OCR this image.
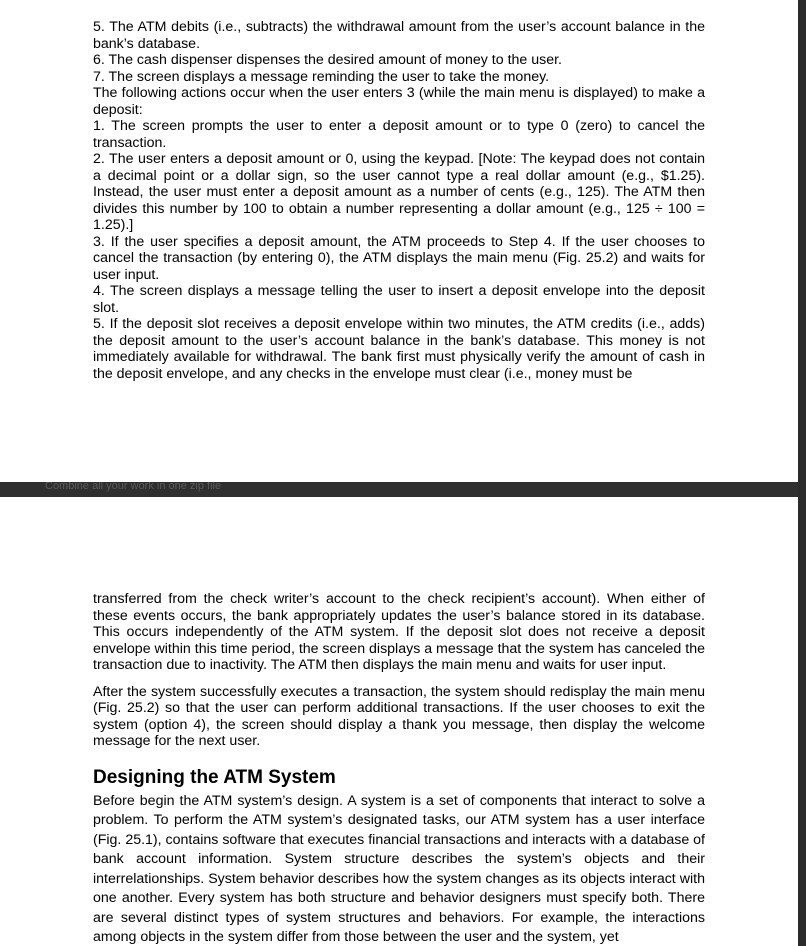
5. The ATM debits (i.e., subtracts) the withdrawal amount from the user’s account balance in the bank’s database.

6. The cash dispenser dispenses the desired amount of money to the user.

7. The screen displays a message reminding the user to take the money.

The following actions occur when the user enters 3 (while the main menu is displayed) to make a deposit:

1. The screen prompts the user to enter a deposit amount or to type 0 (zero) to cancel the transaction.

2. The user enters a deposit amount or 0, using the keypad. [Note: The keypad does not contain a decimal point or a dollar sign, so the user cannot type a real dollar amount (e.g., $1.25). Instead, the user must enter a deposit amount as a number of cents (e.g., 125). The ATM then divides this number by 100 to obtain a number representing a dollar amount (e.g., 125 ÷ 100 = 1.25).]

3. If the user specifies a deposit amount, the ATM proceeds to Step 4. If the user chooses to cancel the transaction (by entering 0), the ATM displays the main menu (Fig. 25.2) and waits for user input.

4. The screen displays a message telling the user to insert a deposit envelope into the deposit slot.

5. If the deposit slot receives a deposit envelope within two minutes, the ATM credits (i.e., adds) the deposit amount to the user’s account balance in the bank’s database. This money is not immediately available for withdrawal. The bank first must physically verify the amount of cash in the deposit envelope, and any checks in the envelope must clear (i.e., money must be

Combine all your work in one zip file

transferred from the check writer’s account to the check recipient’s account). When either of these events occurs, the bank appropriately updates the user’s balance stored in its database. This occurs independently of the ATM system. If the deposit slot does not receive a deposit envelope within this time period, the screen displays a message that the system has canceled the transaction due to inactivity. The ATM then displays the main menu and waits for user input.

After the system successfully executes a transaction, the system should redisplay the main menu (Fig. 25.2) so that the user can perform additional transactions. If the user chooses to exit the system (option 4), the screen should display a thank you message, then display the welcome message for the next user.

Designing the ATM System

Before begin the ATM system’s design. A system is a set of components that interact to solve a problem. To perform the ATM system’s designated tasks, our ATM system has a user interface (Fig. 25.1), contains software that executes financial transactions and interacts with a database of bank account information. System structure describes the system’s objects and their interrelationships. System behavior describes how the system changes as its objects interact with one another. Every system has both structure and behavior designers must specify both. There are several distinct types of system structures and behaviors. For example, the interactions among objects in the system differ from those between the user and the system, yet
